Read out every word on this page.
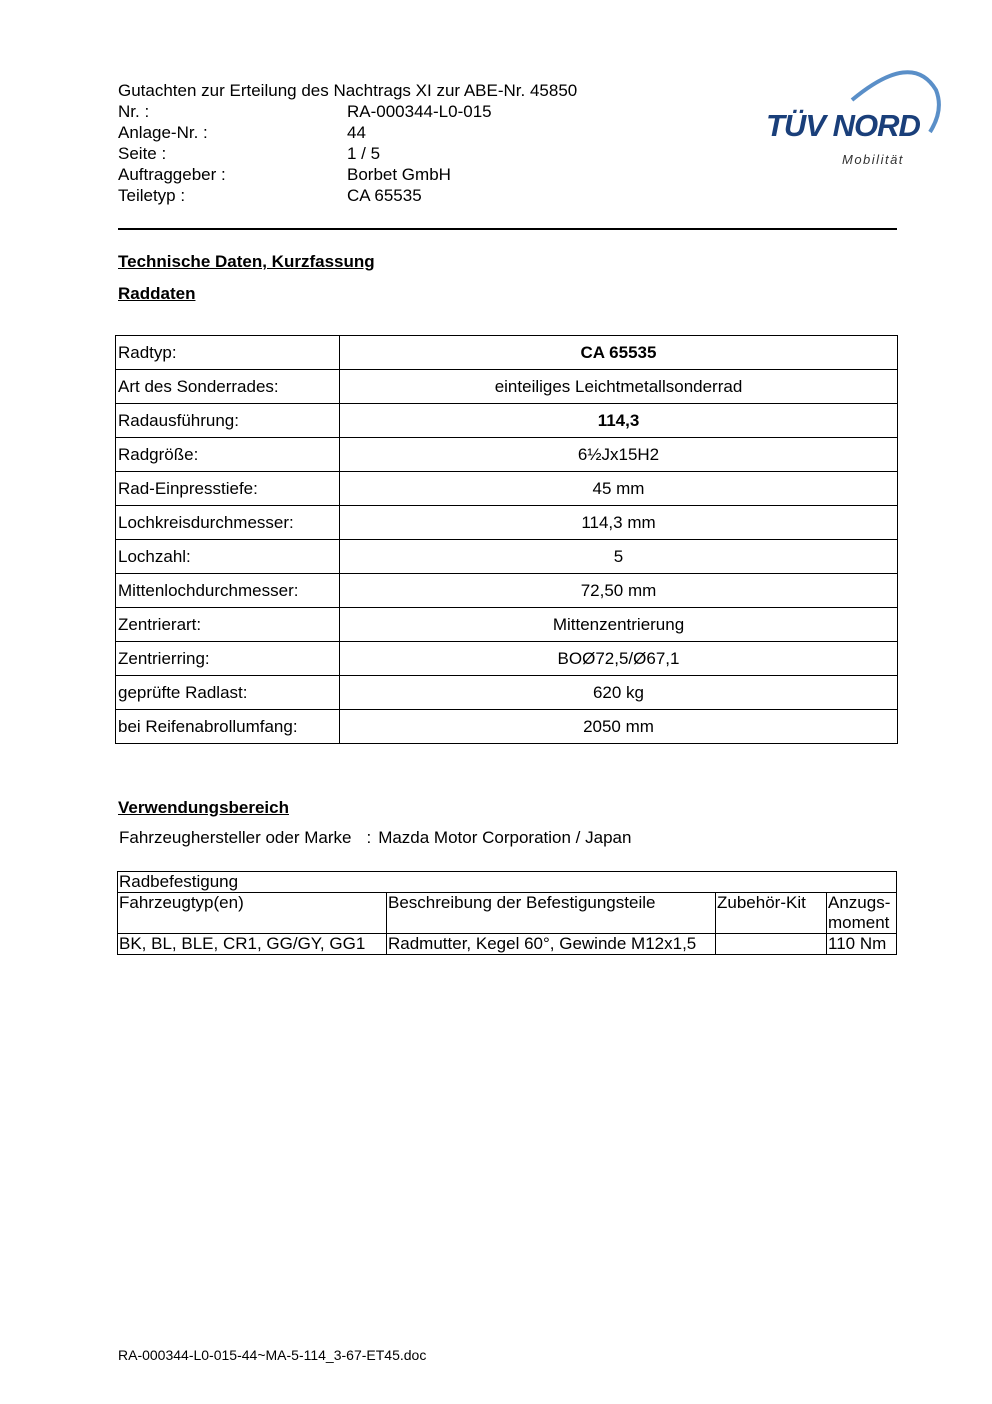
Gutachten zur Erteilung des Nachtrags XI zur ABE-Nr. 45850
Nr. :	RA-000344-L0-015
Anlage-Nr. :	44
Seite :	1 / 5
Auftraggeber :	Borbet GmbH
Teiletyp :	CA 65535
TÜV NORD
Mobilität
Technische Daten, Kurzfassung
Raddaten
Radtyp:	CA 65535
Art des Sonderrades:	einteiliges Leichtmetallsonderrad
Radausführung:	114,3
Radgröße:	6½Jx15H2
Rad-Einpresstiefe:	45 mm
Lochkreisdurchmesser:	114,3 mm
Lochzahl:	5
Mittenlochdurchmesser:	72,50 mm
Zentrierart:	Mittenzentrierung
Zentrierring:	BOØ72,5/Ø67,1
geprüfte Radlast:	620 kg
bei Reifenabrollumfang:	2050 mm
Verwendungsbereich
Fahrzeughersteller oder Marke : Mazda Motor Corporation / Japan
Radbefestigung			
Fahrzeugtyp(en)	Beschreibung der Befestigungsteile	Zubehör-Kit	Anzugs-moment
BK, BL, BLE, CR1, GG/GY, GG1	Radmutter, Kegel 60°, Gewinde M12x1,5		110 Nm
RA-000344-L0-015-44~MA-5-114_3-67-ET45.doc
